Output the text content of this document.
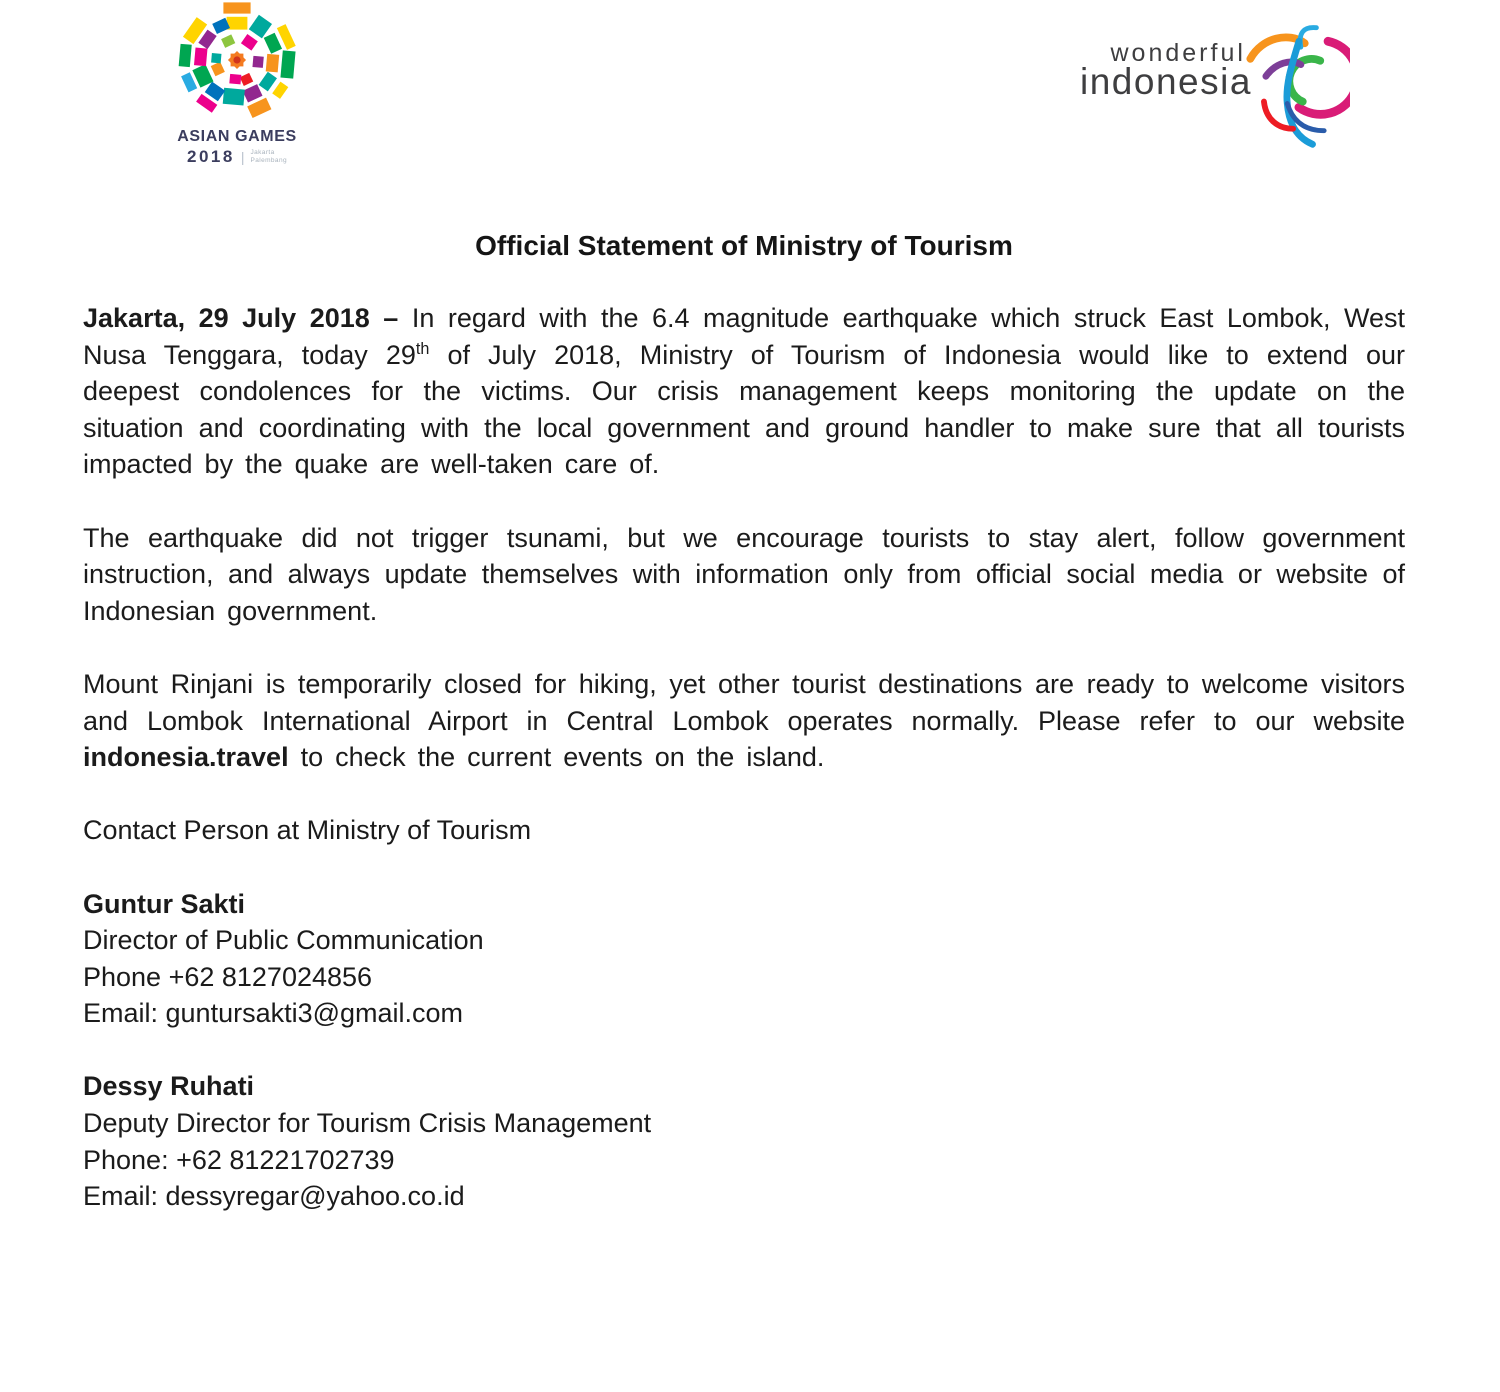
ASIAN GAMES
2018 | Jakarta
Palembang
wonderful
indonesia
Official Statement of Ministry of Tourism

Jakarta, 29 July 2018 – In regard with the 6.4 magnitude earthquake which struck East Lombok, West Nusa Tenggara, today 29th of July 2018, Ministry of Tourism of Indonesia would like to extend our deepest condolences for the victims. Our crisis management keeps monitoring the update on the situation and coordinating with the local government and ground handler to make sure that all tourists impacted by the quake are well-taken care of.

The earthquake did not trigger tsunami, but we encourage tourists to stay alert, follow government instruction, and always update themselves with information only from official social media or website of Indonesian government.

Mount Rinjani is temporarily closed for hiking, yet other tourist destinations are ready to welcome visitors and Lombok International Airport in Central Lombok operates normally. Please refer to our website indonesia.travel to check the current events on the island.

Contact Person at Ministry of Tourism

Guntur Sakti

Director of Public Communication

Phone +62 8127024856

Email: guntursakti3@gmail.com

Dessy Ruhati

Deputy Director for Tourism Crisis Management

Phone: +62 81221702739

Email: dessyregar@yahoo.co.id
